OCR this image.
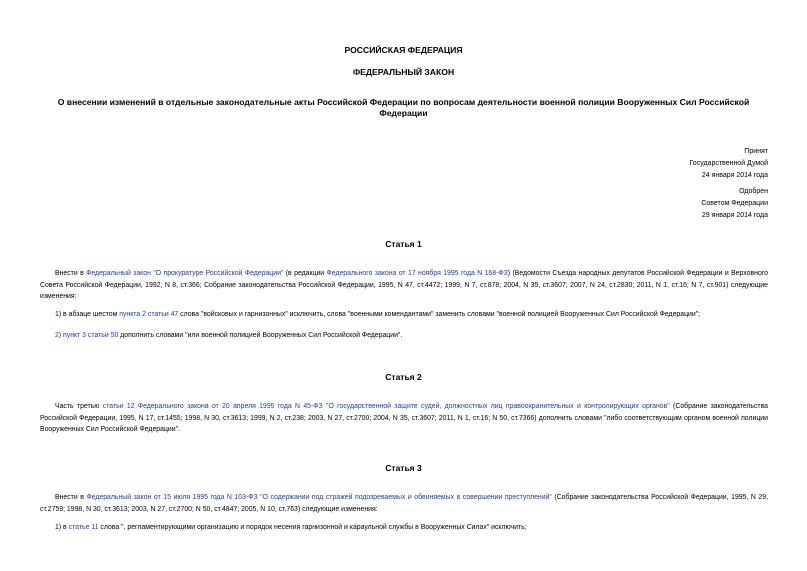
РОССИЙСКАЯ ФЕДЕРАЦИЯ
ФЕДЕРАЛЬНЫЙ ЗАКОН
О внесении изменений в отдельные законодательные акты Российской Федерации по вопросам деятельности военной полиции Вооруженных Сил Российской Федерации
Принят
Государственной Думой
24 января 2014 года
Одобрен
Советом Федерации
29 января 2014 года
Статья 1
Внести в Федеральный закон "О прокуратуре Российской Федерации" (в редакции Федерального закона от 17 ноября 1995 года N 168-ФЗ) (Ведомости Съезда народных депутатов Российской Федерации и Верховного Совета Российской Федерации, 1992, N 8, ст.366; Собрание законодательства Российской Федерации, 1995, N 47, ст.4472; 1999, N 7, ст.878; 2004, N 35, ст.3607; 2007, N 24, ст.2830; 2011, N 1, ст.16; N 7, ст.901) следующие изменения:
1) в абзаце шестом пункта 2 статьи 47 слова "войсковых и гарнизонных" исключить, слова "военными комендантами" заменить словами "военной полицией Вооруженных Сил Российской Федерации";
2) пункт 3 статьи 50 дополнить словами "или военной полицией Вооруженных Сил Российской Федерации".
Статья 2
Часть третью статьи 12 Федерального закона от 20 апреля 1995 года N 45-ФЗ "О государственной защите судей, должностных лиц правоохранительных и контролирующих органов" (Собрание законодательства Российской Федерации, 1995, N 17, ст.1455; 1998, N 30, ст.3613; 1999, N 2, ст.238; 2003, N 27, ст.2700; 2004, N 35, ст.3607; 2011, N 1, ст.16; N 50, ст.7366) дополнить словами "либо соответствующим органом военной полиции Вооруженных Сил Российской Федерации".
Статья 3
Внести в Федеральный закон от 15 июля 1995 года N 103-ФЗ "О содержании под стражей подозреваемых и обвиняемых в совершении преступлений" (Собрание законодательства Российской Федерации, 1995, N 29, ст.2759; 1998, N 30, ст.3613; 2003, N 27, ст.2700; N 50, ст.4847; 2005, N 10, ст.763) следующие изменения:
1) в статье 11 слова ", регламентирующими организацию и порядок несения гарнизонной и караульной службы в Вооруженных Силах" исключить;
